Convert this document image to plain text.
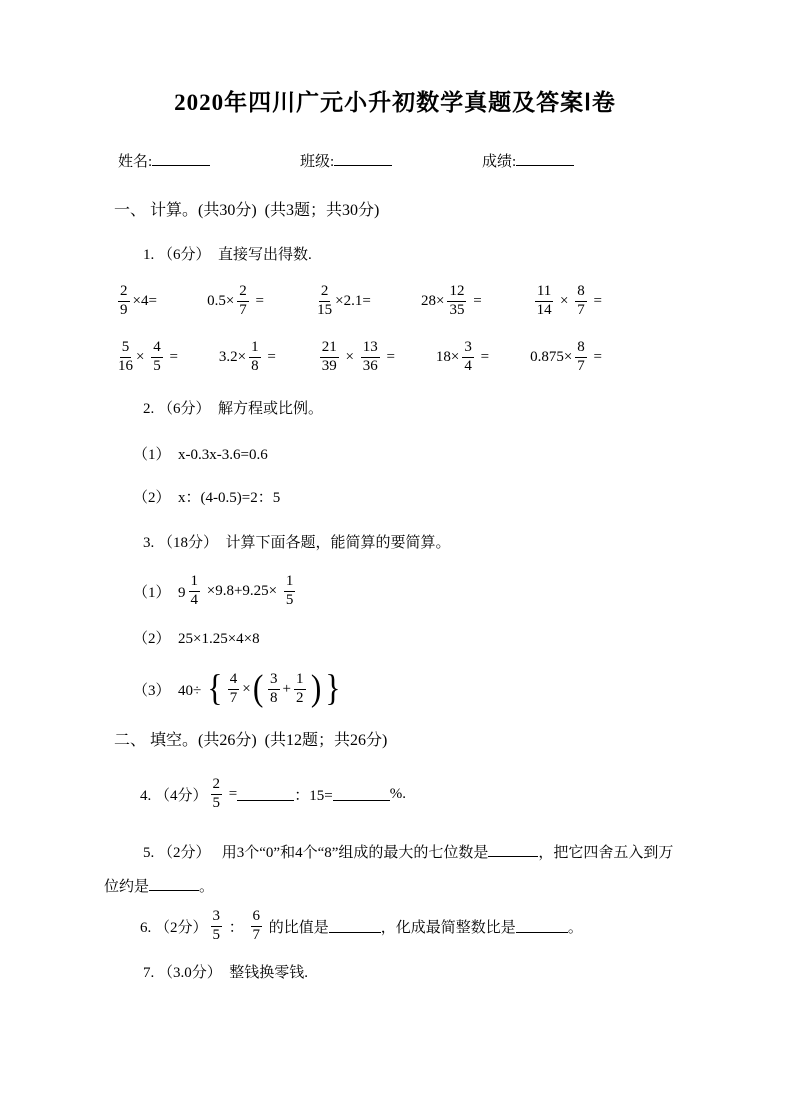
2020年四川广元小升初数学真题及答案Ⅰ卷
姓名:	班级:	成绩:
一、 计算。(共30分)  (共3题；共30分)
1. （6分）  直接写出得数.
$\frac{2}{9} \times 4=$	$0.5\times \frac{2}{7}$ =	$\frac{2}{15} \times 2.1=$	$28\times \frac{12}{35}$ =	$\frac{11}{14} \times \frac{8}{7}$ =
$\frac{5}{16} \times \frac{4}{5}$ =	$3.2\times \frac{1}{8}$ =	$\frac{21}{39} \times \frac{13}{36}$ =	$18\times \frac{3}{4}$ =	$0.875\times \frac{8}{7}$ =
2. （6分）  解方程或比例。
（1）  x-0.3x-3.6=0.6
（2）  x：(4-0.5)=2：5
3. （18分）  计算下面各题，能简算的要简算。
（1）  $9 \frac{1}{4} \times 9.8+9.25\times \frac{1}{5}$
（2）  25×1.25×4×8
（3）  40÷ { $\frac{4}{7}$ × ( $\frac{3}{8} + \frac{1}{2}$ ) }
二、 填空。(共26分)  (共12题；共26分)
4. （4分） $\frac{2}{5}$ =	：15=	%.

5. （2分）   用3个“0”和4个“8”组成的最大的七位数是	，把它四舍五入到万位约是	。

6. （2分） $\frac{3}{5}$ ： $\frac{6}{7}$ 的比值是	，化成最简整数比是	。
7. （3.0分）  整钱换零钱.
